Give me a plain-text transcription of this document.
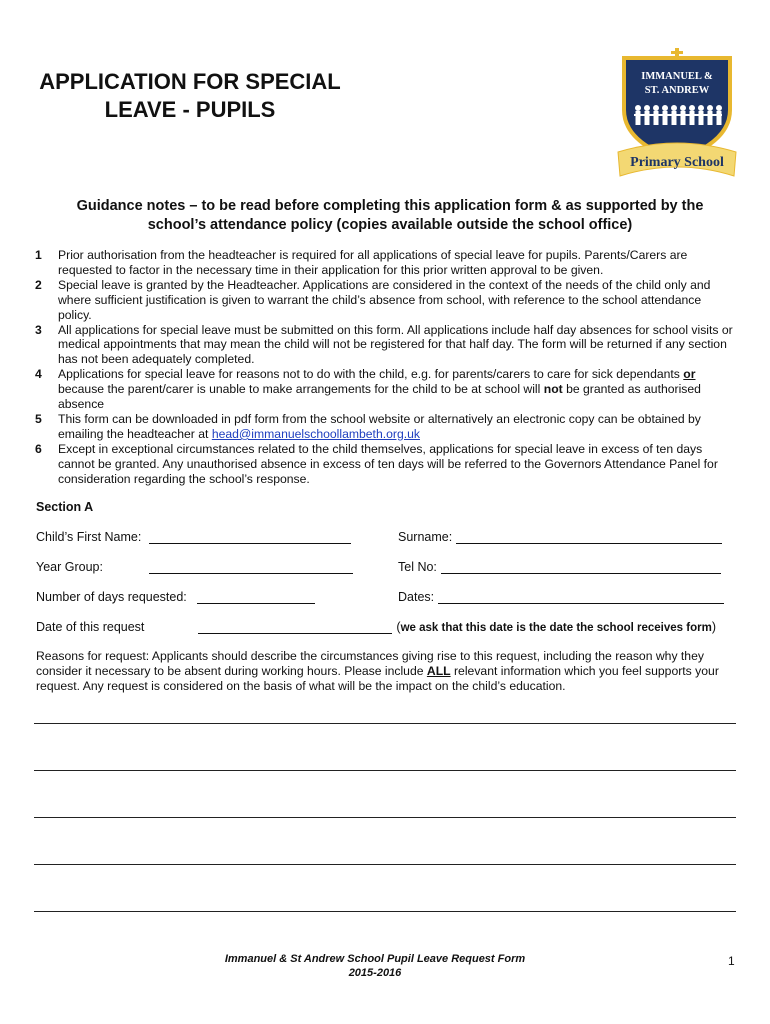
APPLICATION FOR SPECIAL
LEAVE - PUPILS
IMMANUEL &
ST. ANDREW
Primary School
Guidance notes – to be read before completing this application form & as supported by the
school’s attendance policy (copies available outside the school office)
1	Prior authorisation from the headteacher is required for all applications of special leave for pupils. Parents/Carers are requested to factor in the necessary time in their application for this prior written approval to be given.
2	Special leave is granted by the Headteacher. Applications are considered in the context of the needs of the child only and where sufficient justification is given to warrant the child’s absence from school, with reference to the school attendance policy.
3	All applications for special leave must be submitted on this form. All applications include half day absences for school visits or medical appointments that may mean the child will not be registered for that half day. The form will be returned if any section has not been adequately completed.
4	Applications for special leave for reasons not to do with the child, e.g. for parents/carers to care for sick dependants or because the parent/carer is unable to make arrangements for the child to be at school will not be granted as authorised absence
5	This form can be downloaded in pdf form from the school website or alternatively an electronic copy can be obtained by emailing the headteacher at head@immanuelschoollambeth.org.uk
6	Except in exceptional circumstances related to the child themselves, applications for special leave in excess of ten days cannot be granted. Any unauthorised absence in excess of ten days will be referred to the Governors Attendance Panel for consideration regarding the school’s response.
Section A
Child’s First Name:	Surname:
Year Group:	Tel No:
Number of days requested:	Dates:
Date of this request	(we ask that this date is the date the school receives form)
Reasons for request: Applicants should describe the circumstances giving rise to this request, including the reason why they consider it necessary to be absent during working hours. Please include ALL relevant information which you feel supports your request. Any request is considered on the basis of what will be the impact on the child’s education.
Immanuel & St Andrew School Pupil Leave Request Form
2015-2016
1
